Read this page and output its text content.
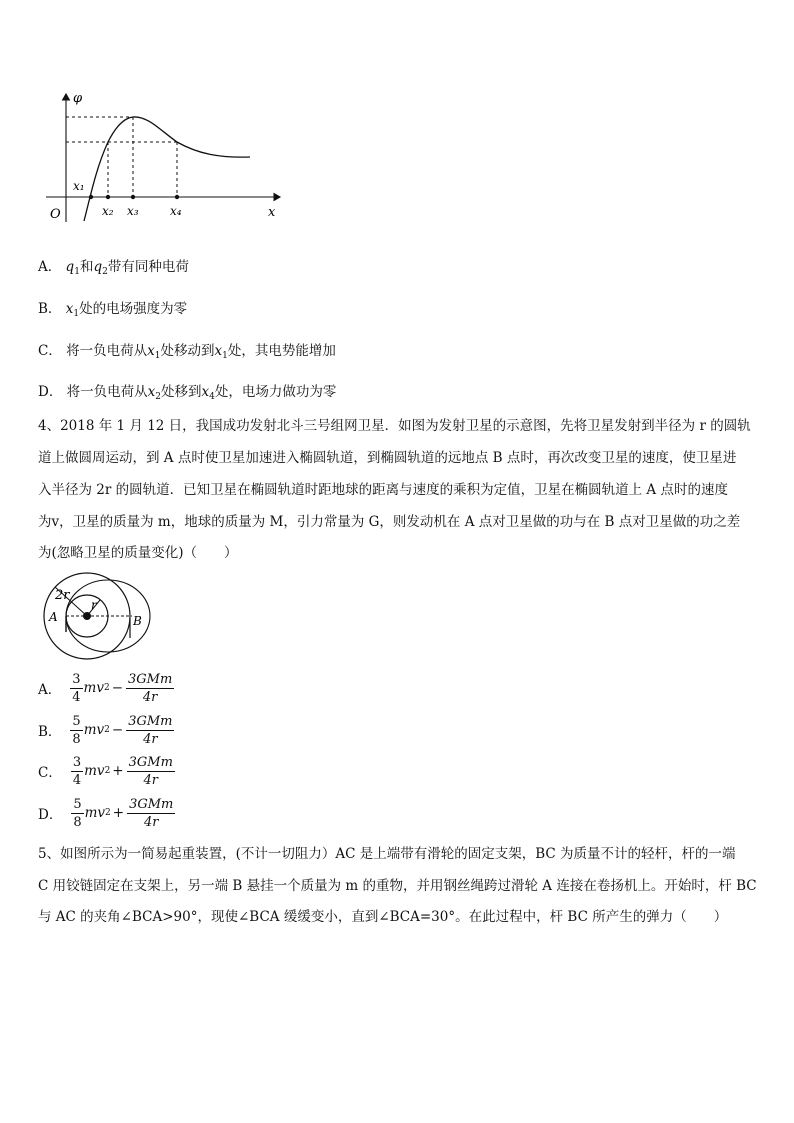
φ
x
O
x₁
x₂ x₃	x₄
A． $q_1$和$q_2$带有同种电荷
B． $x_1$处的电场强度为零
C． 将一负电荷从$x_1$处移动到$x_1$处，其电势能增加
D． 将一负电荷从$x_2$处移到$x_4$处，电场力做功为零
4、2018 年 1 月 12 日，我国成功发射北斗三号组网卫星．如图为发射卫星的示意图，先将卫星发射到半径为 r 的圆轨
道上做圆周运动，到 A 点时使卫星加速进入椭圆轨道，到椭圆轨道的远地点 B 点时，再次改变卫星的速度，使卫星进
入半径为 2r 的圆轨道．已知卫星在椭圆轨道时距地球的距离与速度的乘积为定值，卫星在椭圆轨道上 A 点时的速度
为v，卫星的质量为 m，地球的质量为 M，引力常量为 G，则发动机在 A 点对卫星做的功与在 B 点对卫星做的功之差
为(忽略卫星的质量变化)（　　）
2r
r
A	B
A． $\frac{3}{4}$ mv $2 - \frac{\text{3GMm}}{4r}$
B． $\frac{5}{8}$ mv $2 - \frac{\text{3GMm}}{4r}$
C． $\frac{3}{4}$ mv $2 + \frac{\text{3GMm}}{4r}$
D． $\frac{5}{8}$ mv $2 + \frac{\text{3GMm}}{4r}$
5、如图所示为一简易起重装置，(不计一切阻力）AC 是上端带有滑轮的固定支架，BC 为质量不计的轻杆，杆的一端
C 用铰链固定在支架上，另一端 B 悬挂一个质量为 m 的重物，并用钢丝绳跨过滑轮 A 连接在卷扬机上。开始时，杆 BC
与 AC 的夹角∠BCA>90°，现使∠BCA 缓缓变小，直到∠BCA=30°。在此过程中，杆 BC 所产生的弹力（　　）
